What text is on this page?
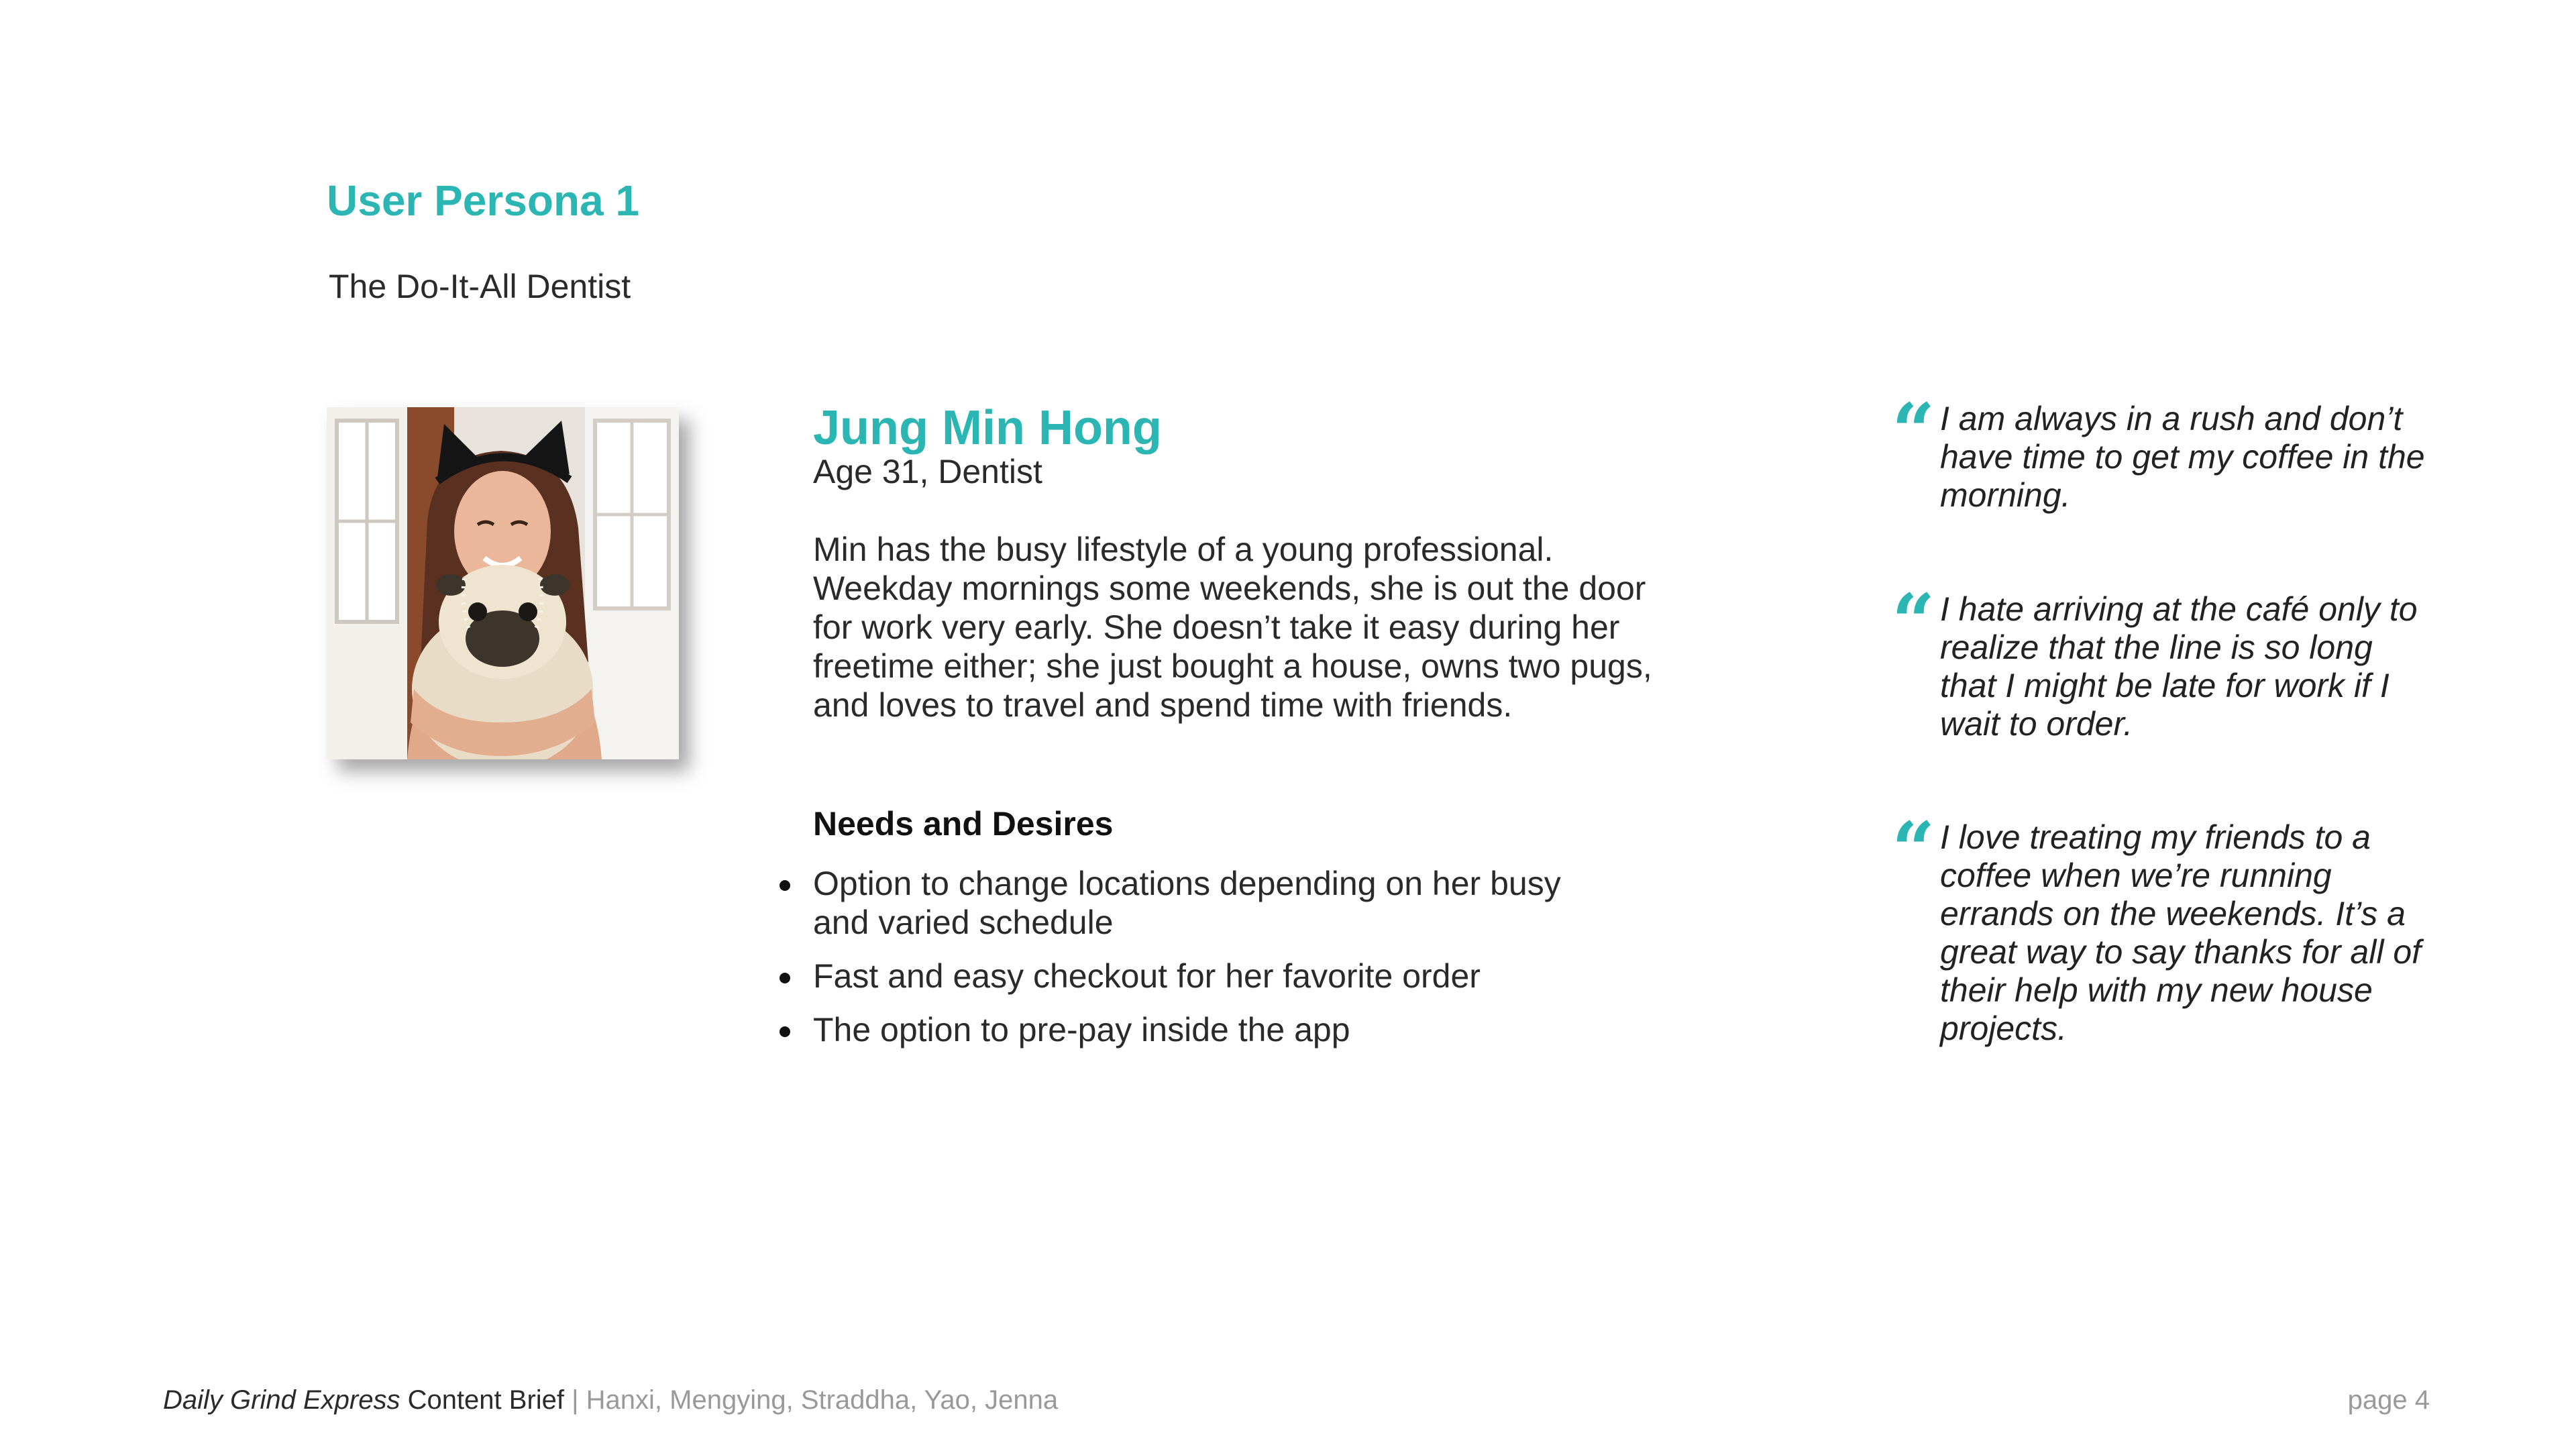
User Persona 1
The Do-It-All Dentist
Jung Min Hong
Age 31, Dentist
Min has the busy lifestyle of a young professional. Weekday mornings some weekends, she is out the door for work very early. She doesn’t take it easy during her freetime either; she just bought a house, owns two pugs, and loves to travel and spend time with friends.
Needs and Desires
Option to change locations depending on her busy and varied schedule
Fast and easy checkout for her favorite order
The option to pre-pay inside the app
“ I am always in a rush and don’t have time to get my coffee in the morning.
“ I hate arriving at the café only to realize that the line is so long that I might be late for work if I wait to order.
“ I love treating my friends to a coffee when we’re running errands on the weekends. It’s a great way to say thanks for all of their help with my new house projects.
Daily Grind Express Content Brief | Hanxi, Mengying, Straddha, Yao, Jenna	page 4
